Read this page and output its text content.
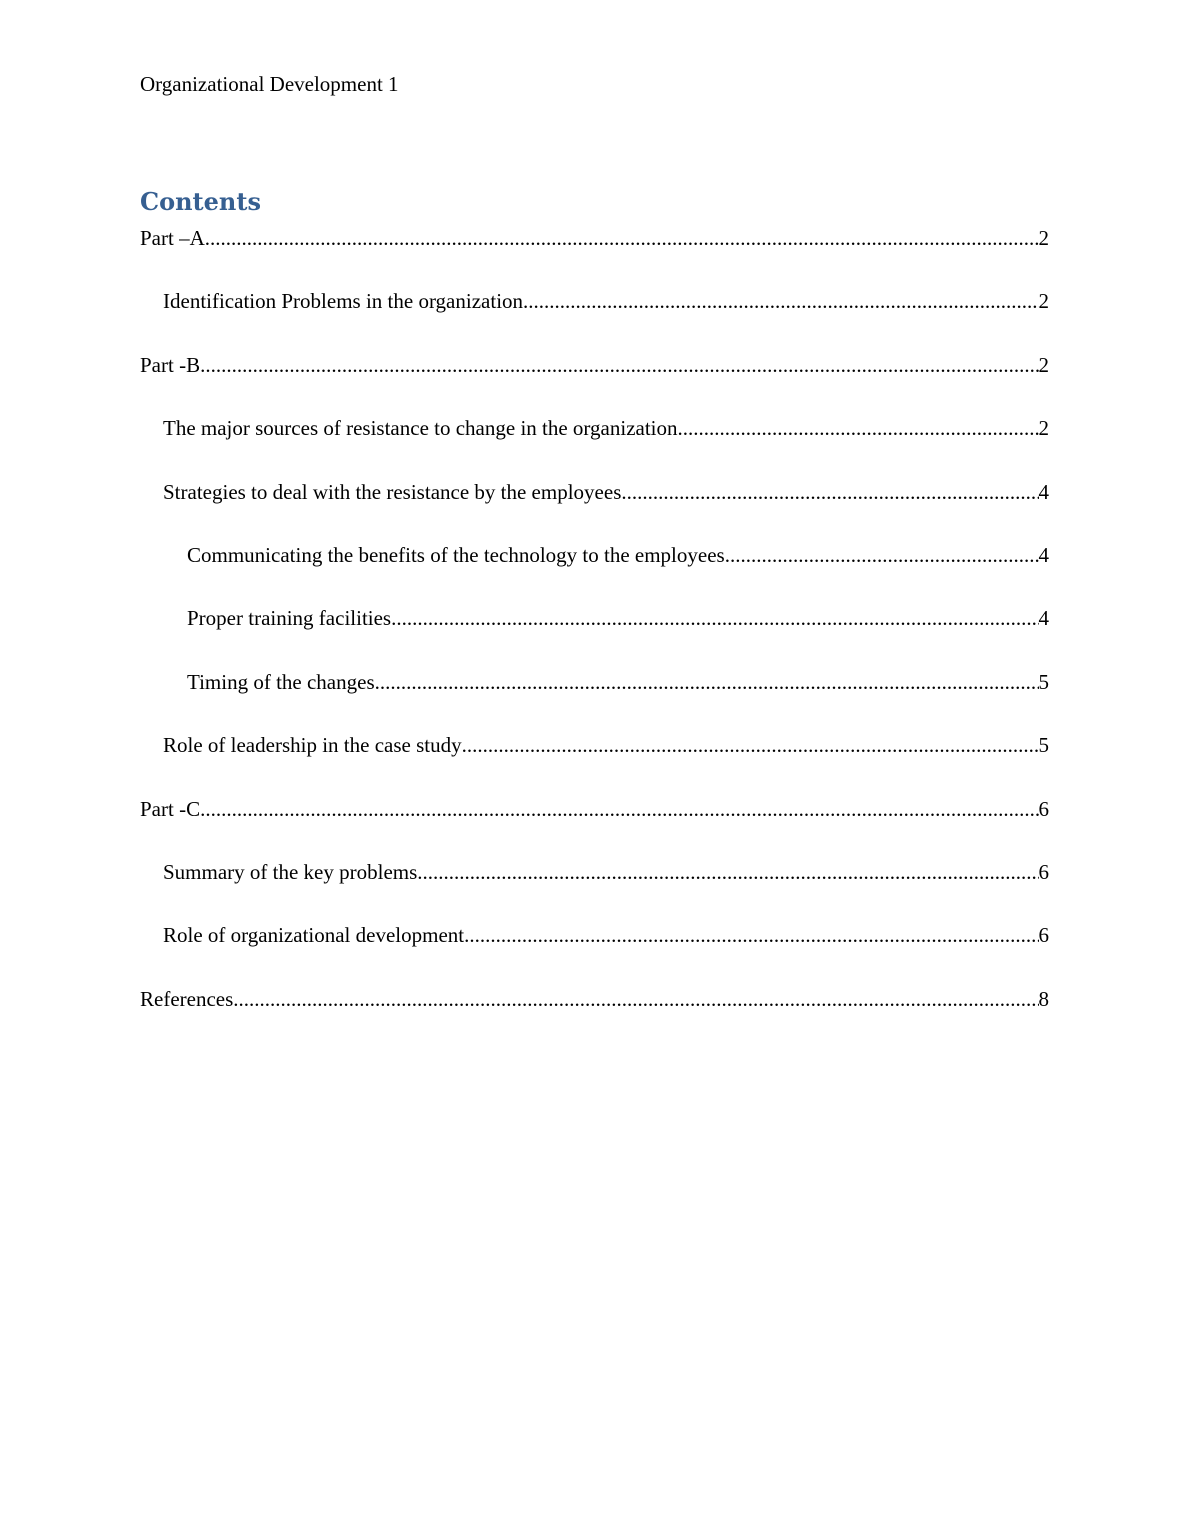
Organizational Development 1
Contents
Part –A .....	2
Identification Problems in the organization .....	2
Part -B .....	2
The major sources of resistance to change in the organization .....	2
Strategies to deal with the resistance by the employees .....	4
Communicating the benefits of the technology to the employees .....	4
Proper training facilities .....	4
Timing of the changes .....	5
Role of leadership in the case study .....	5
Part -C .....	6
Summary of the key problems .....	6
Role of organizational development .....	6
References .....	8
